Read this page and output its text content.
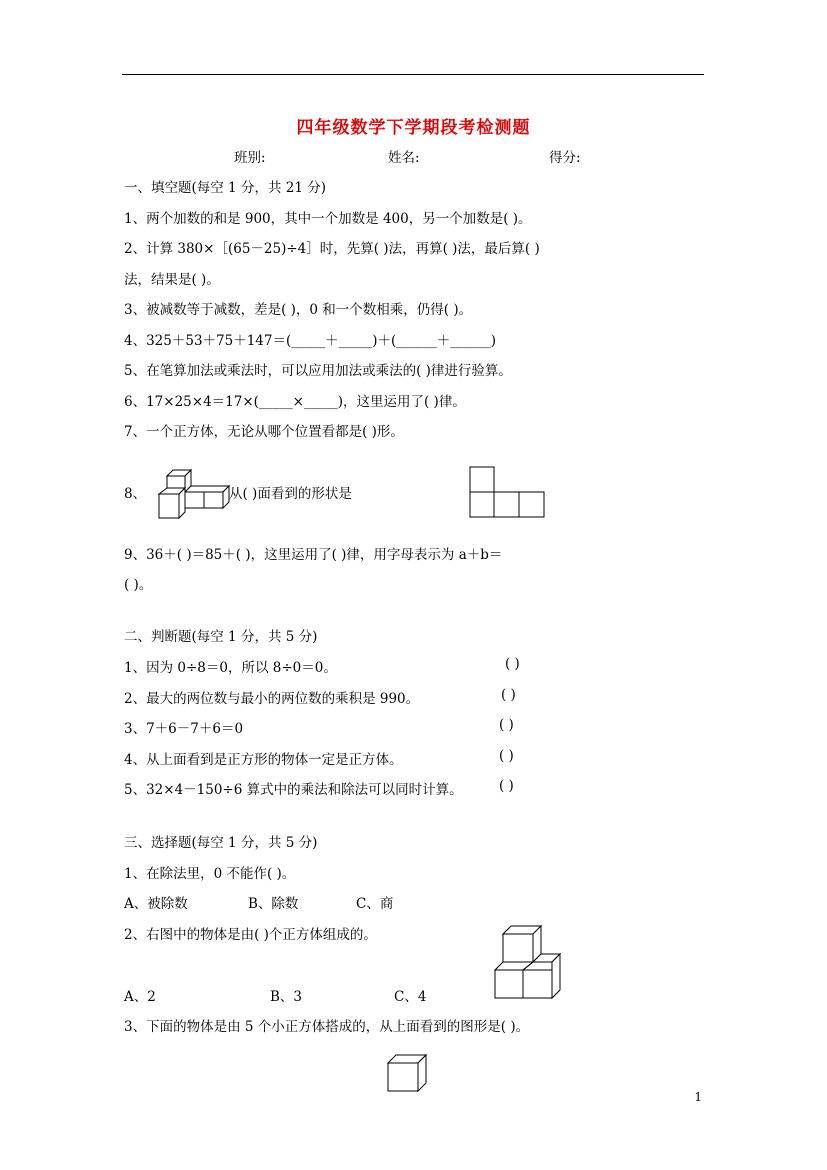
四年级数学下学期段考检测题
班别:	姓名:	得分:
一、填空题(每空 1 分，共 21 分)
1、两个加数的和是 900，其中一个加数是 400，另一个加数是( )。
2、计算 380×［(65－25)÷4］时，先算( )法，再算( )法，最后算( )
法，结果是( )。
3、被减数等于减数，差是( )，0 和一个数相乘，仍得( )。
4、325＋53＋75＋147＝(_____＋_____)＋(______＋______)
5、在笔算加法或乘法时，可以应用加法或乘法的( )律进行验算。
6、17×25×4＝17×(_____×_____)，这里运用了( )律。
7、一个正方体，无论从哪个位置看都是( )形。
8、	从( )面看到的形状是
9、36＋( )＝85＋( )，这里运用了( )律，用字母表示为 a＋b＝
( )。
二、判断题(每空 1 分，共 5 分)
1、因为 0÷8＝0，所以 8÷0＝0。	( )
2、最大的两位数与最小的两位数的乘积是 990。	( )
3、7＋6－7＋6＝0	( )
4、从上面看到是正方形的物体一定是正方体。	( )
5、32×4－150÷6 算式中的乘法和除法可以同时计算。	( )
三、选择题(每空 1 分，共 5 分)
1、在除法里，0 不能作( )。
A、被除数	B、除数	C、商
2、右图中的物体是由( )个正方体组成的。
A、2	B、3	C、4
3、下面的物体是由 5 个小正方体搭成的，从上面看到的图形是( )。
1
